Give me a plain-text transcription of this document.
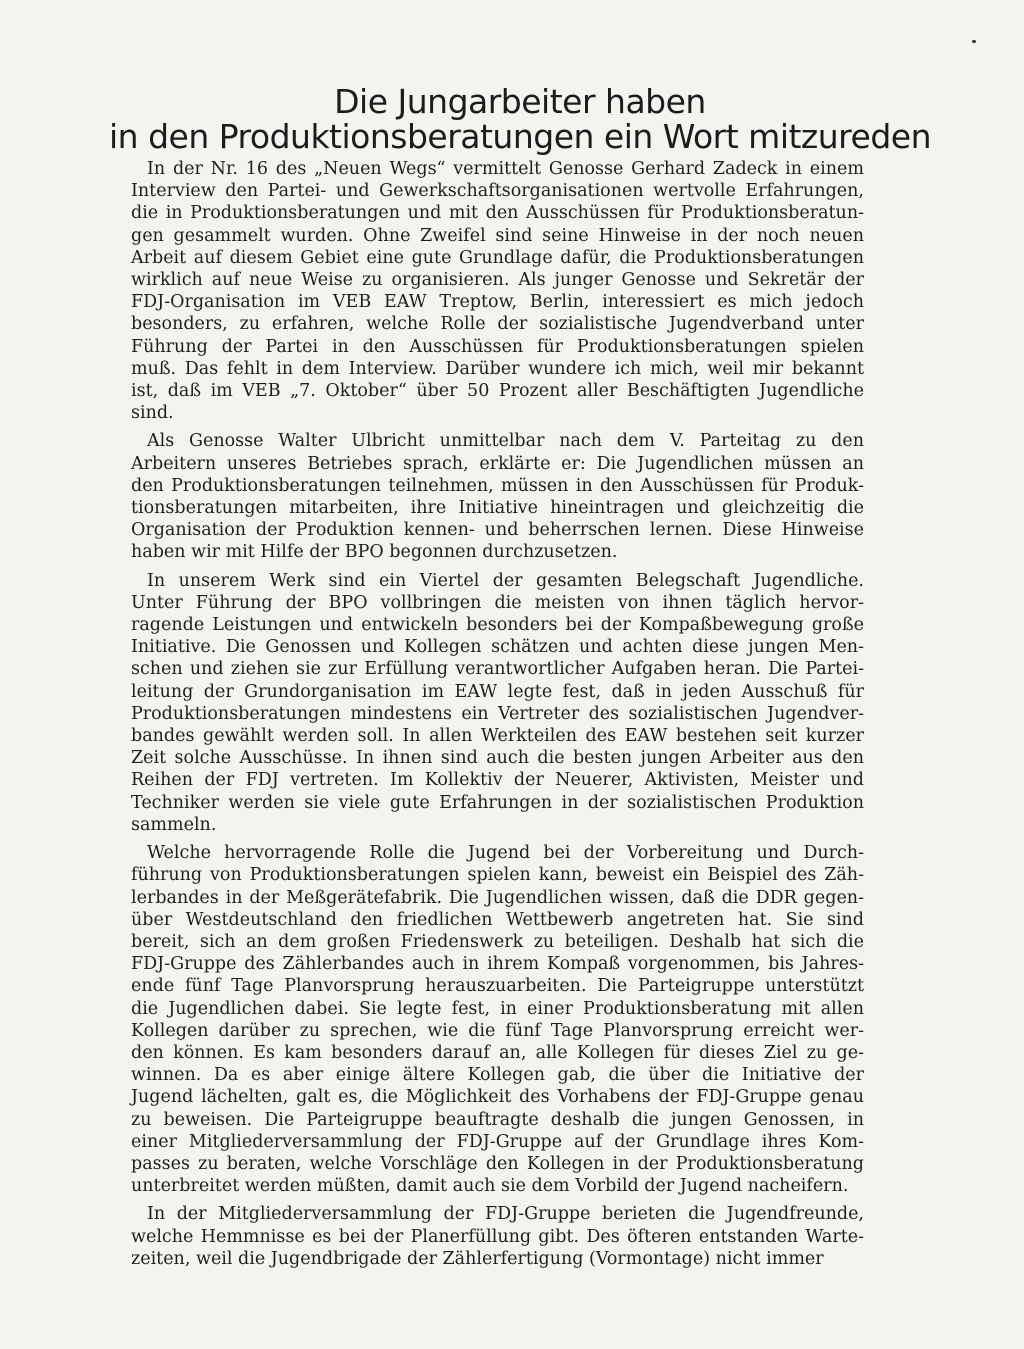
Die Jungarbeiter haben
in den Produktionsberatungen ein Wort mitzureden

In der Nr. 16 des „Neuen Wegs“ vermittelt Genosse Gerhard Zadeck in einem
Interview den Partei- und Gewerkschaftsorganisationen wertvolle Erfahrungen,
die in Produktionsberatungen und mit den Ausschüssen für Produktionsberatun-
gen gesammelt wurden. Ohne Zweifel sind seine Hinweise in der noch neuen
Arbeit auf diesem Gebiet eine gute Grundlage dafür, die Produktionsberatungen
wirklich auf neue Weise zu organisieren. Als junger Genosse und Sekretär der
FDJ-Organisation im VEB EAW Treptow, Berlin, interessiert es mich jedoch
besonders, zu erfahren, welche Rolle der sozialistische Jugendverband unter
Führung der Partei in den Ausschüssen für Produktionsberatungen spielen
muß. Das fehlt in dem Interview. Darüber wundere ich mich, weil mir bekannt
ist, daß im VEB „7. Oktober“ über 50 Prozent aller Beschäftigten Jugendliche
sind.

Als Genosse Walter Ulbricht unmittelbar nach dem V. Parteitag zu den
Arbeitern unseres Betriebes sprach, erklärte er: Die Jugendlichen müssen an
den Produktionsberatungen teilnehmen, müssen in den Ausschüssen für Produk-
tionsberatungen mitarbeiten, ihre Initiative hineintragen und gleichzeitig die
Organisation der Produktion kennen- und beherrschen lernen. Diese Hinweise
haben wir mit Hilfe der BPO begonnen durchzusetzen.

In unserem Werk sind ein Viertel der gesamten Belegschaft Jugendliche.
Unter Führung der BPO vollbringen die meisten von ihnen täglich hervor-
ragende Leistungen und entwickeln besonders bei der Kompaßbewegung große
Initiative. Die Genossen und Kollegen schätzen und achten diese jungen Men-
schen und ziehen sie zur Erfüllung verantwortlicher Aufgaben heran. Die Partei-
leitung der Grundorganisation im EAW legte fest, daß in jeden Ausschuß für
Produktionsberatungen mindestens ein Vertreter des sozialistischen Jugendver-
bandes gewählt werden soll. In allen Werkteilen des EAW bestehen seit kurzer
Zeit solche Ausschüsse. In ihnen sind auch die besten jungen Arbeiter aus den
Reihen der FDJ vertreten. Im Kollektiv der Neuerer, Aktivisten, Meister und
Techniker werden sie viele gute Erfahrungen in der sozialistischen Produktion
sammeln.

Welche hervorragende Rolle die Jugend bei der Vorbereitung und Durch-
führung von Produktionsberatungen spielen kann, beweist ein Beispiel des Zäh-
lerbandes in der Meßgerätefabrik. Die Jugendlichen wissen, daß die DDR gegen-
über Westdeutschland den friedlichen Wettbewerb angetreten hat. Sie sind
bereit, sich an dem großen Friedenswerk zu beteiligen. Deshalb hat sich die
FDJ-Gruppe des Zählerbandes auch in ihrem Kompaß vorgenommen, bis Jahres-
ende fünf Tage Planvorsprung herauszuarbeiten. Die Parteigruppe unterstützt
die Jugendlichen dabei. Sie legte fest, in einer Produktionsberatung mit allen
Kollegen darüber zu sprechen, wie die fünf Tage Planvorsprung erreicht wer-
den können. Es kam besonders darauf an, alle Kollegen für dieses Ziel zu ge-
winnen. Da es aber einige ältere Kollegen gab, die über die Initiative der
Jugend lächelten, galt es, die Möglichkeit des Vorhabens der FDJ-Gruppe genau
zu beweisen. Die Parteigruppe beauftragte deshalb die jungen Genossen, in
einer Mitgliederversammlung der FDJ-Gruppe auf der Grundlage ihres Kom-
passes zu beraten, welche Vorschläge den Kollegen in der Produktionsberatung
unterbreitet werden müßten, damit auch sie dem Vorbild der Jugend nacheifern.

In der Mitgliederversammlung der FDJ-Gruppe berieten die Jugendfreunde,
welche Hemmnisse es bei der Planerfüllung gibt. Des öfteren entstanden Warte-
zeiten, weil die Jugendbrigade der Zählerfertigung (Vormontage) nicht immer
